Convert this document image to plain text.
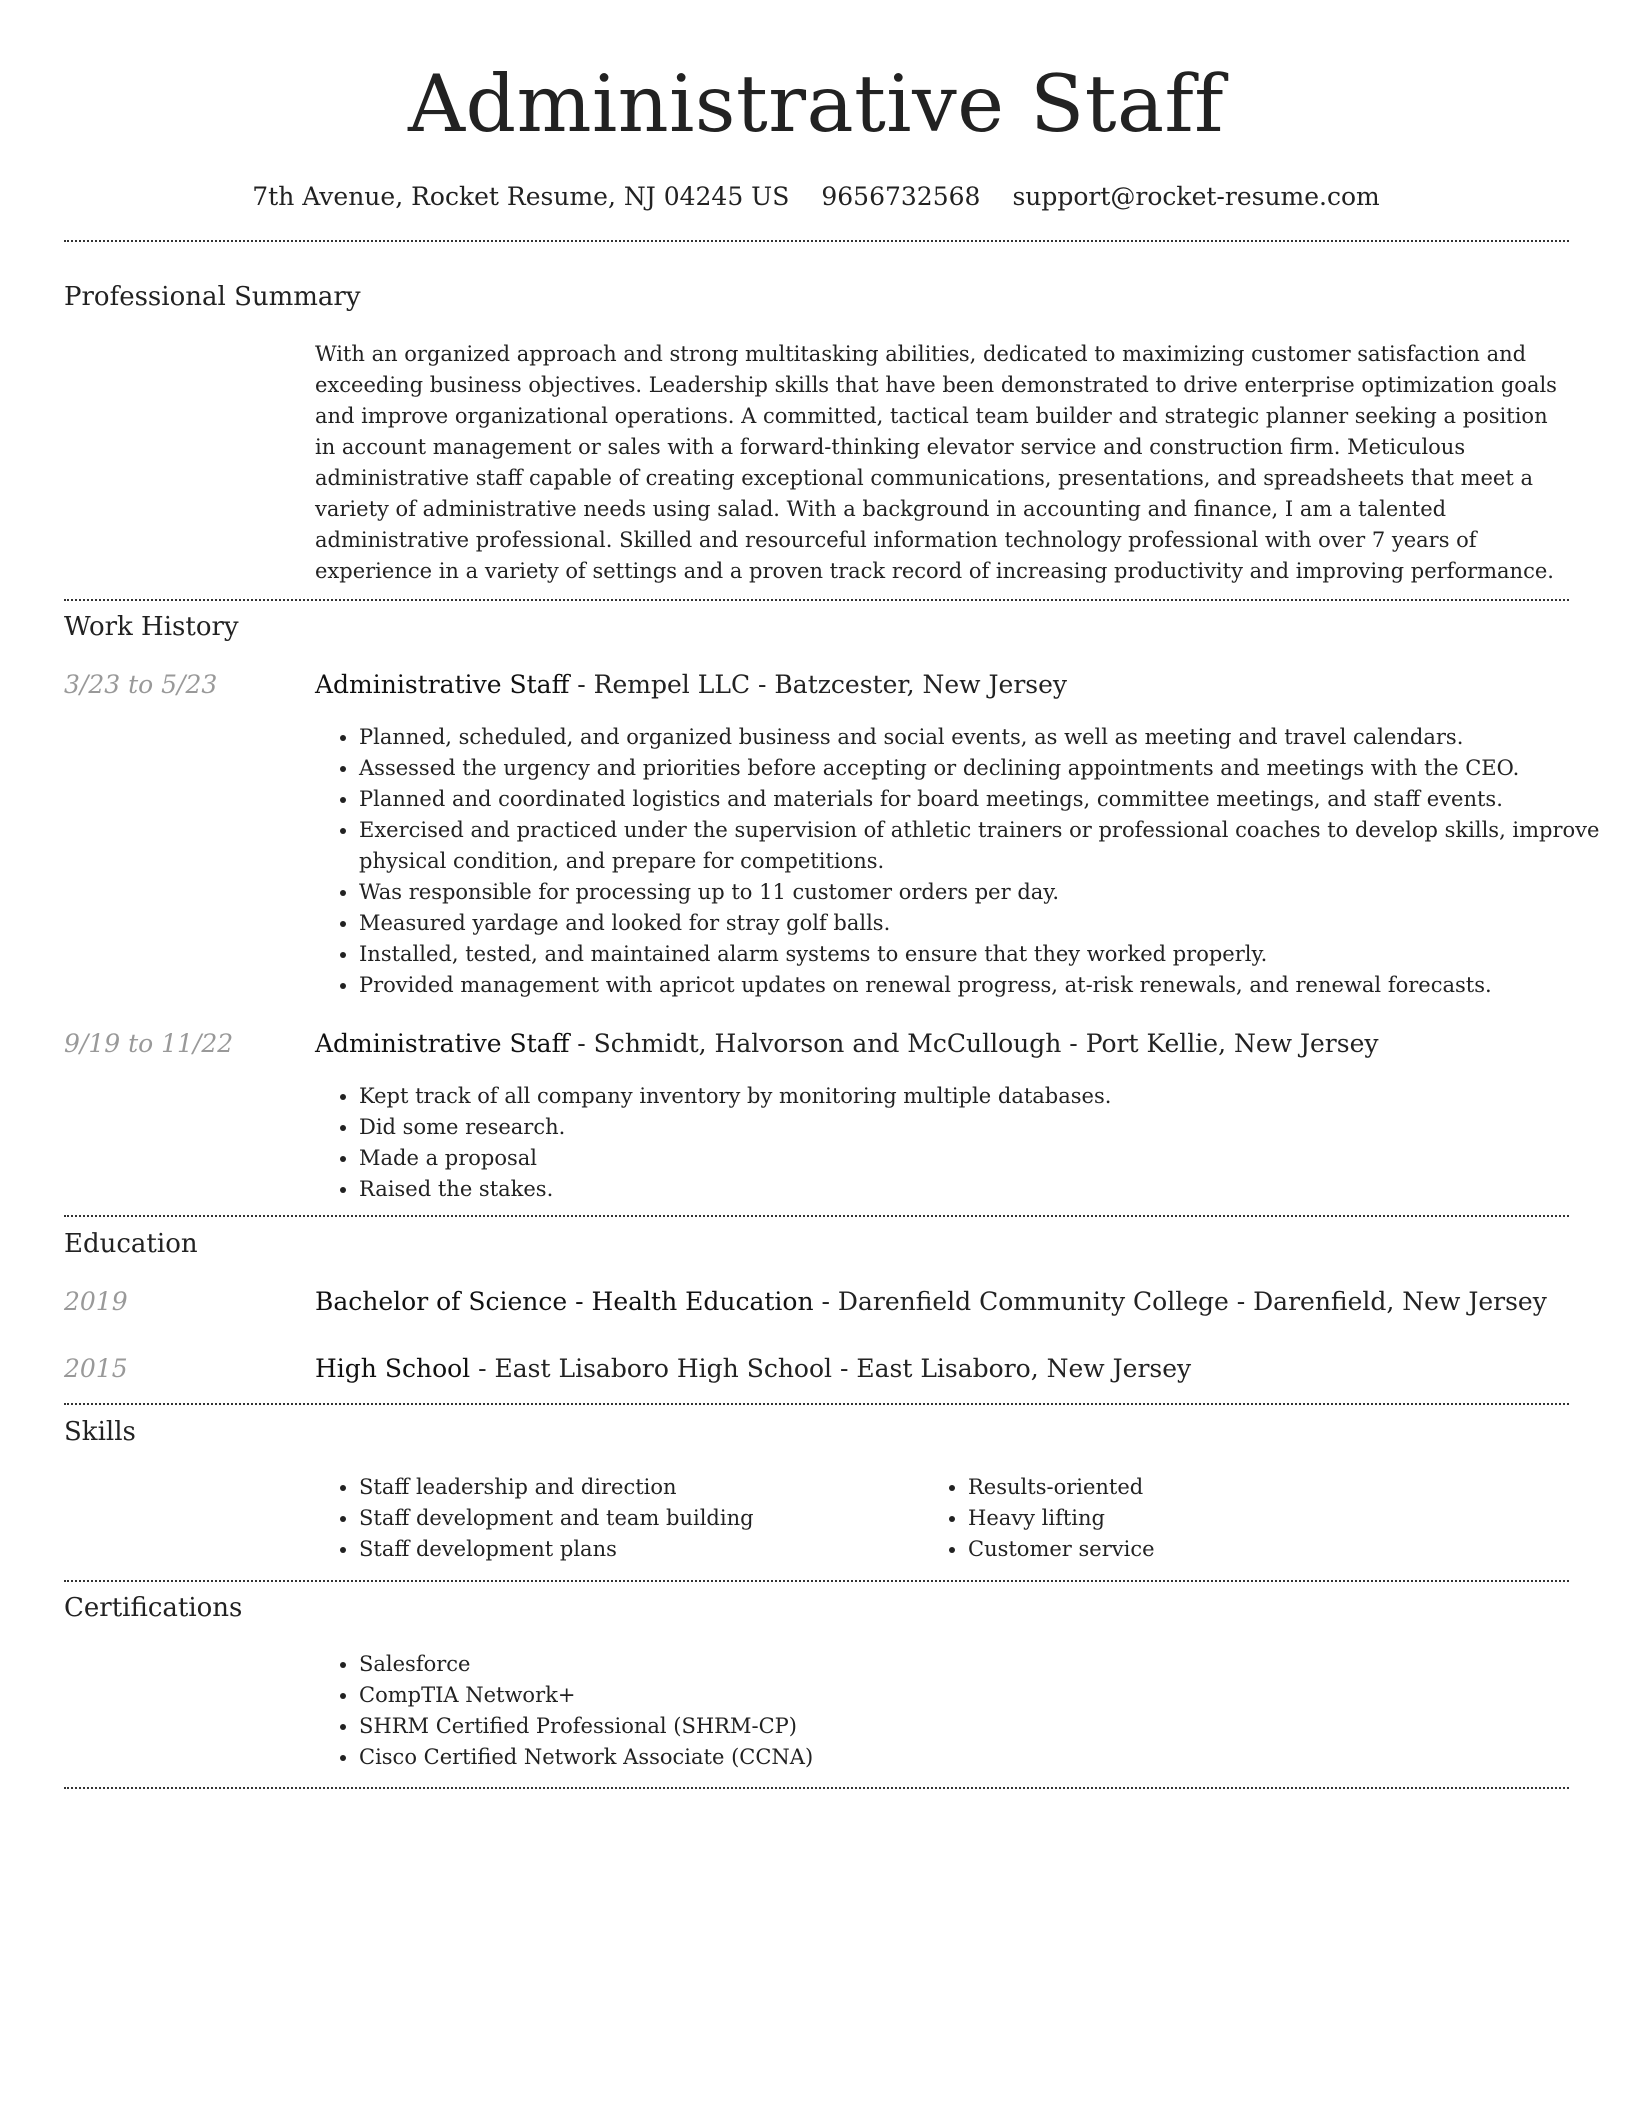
Administrative Staff
7th Avenue, Rocket Resume, NJ 04245 US 9656732568 support@rocket-resume.com
Professional Summary
With an organized approach and strong multitasking abilities, dedicated to maximizing customer satisfaction and exceeding business objectives. Leadership skills that have been demonstrated to drive enterprise optimization goals and improve organizational operations. A committed, tactical team builder and strategic planner seeking a position in account management or sales with a forward-thinking elevator service and construction firm. Meticulous administrative staff capable of creating exceptional communications, presentations, and spreadsheets that meet a variety of administrative needs using salad. With a background in accounting and finance, I am a talented administrative professional. Skilled and resourceful information technology professional with over 7 years of experience in a variety of settings and a proven track record of increasing productivity and improving performance.
Work History
3/23 to 5/23	Administrative Staff - Rempel LLC - Batzcester, New Jersey
• Planned, scheduled, and organized business and social events, as well as meeting and travel calendars.
• Assessed the urgency and priorities before accepting or declining appointments and meetings with the CEO.
• Planned and coordinated logistics and materials for board meetings, committee meetings, and staff events.
• Exercised and practiced under the supervision of athletic trainers or professional coaches to develop skills, improve physical condition, and prepare for competitions.
• Was responsible for processing up to 11 customer orders per day.
• Measured yardage and looked for stray golf balls.
• Installed, tested, and maintained alarm systems to ensure that they worked properly.
• Provided management with apricot updates on renewal progress, at-risk renewals, and renewal forecasts.
9/19 to 11/22	Administrative Staff - Schmidt, Halvorson and McCullough - Port Kellie, New Jersey
• Kept track of all company inventory by monitoring multiple databases.
• Did some research.
• Made a proposal
• Raised the stakes.
Education
2019	Bachelor of Science - Health Education - Darenfield Community College - Darenfield, New Jersey
2015	High School - East Lisaboro High School - East Lisaboro, New Jersey
Skills
• Staff leadership and direction
• Staff development and team building
• Staff development plans
• Results-oriented
• Heavy lifting
• Customer service
Certifications
• Salesforce
• CompTIA Network+
• SHRM Certified Professional (SHRM-CP)
• Cisco Certified Network Associate (CCNA)
